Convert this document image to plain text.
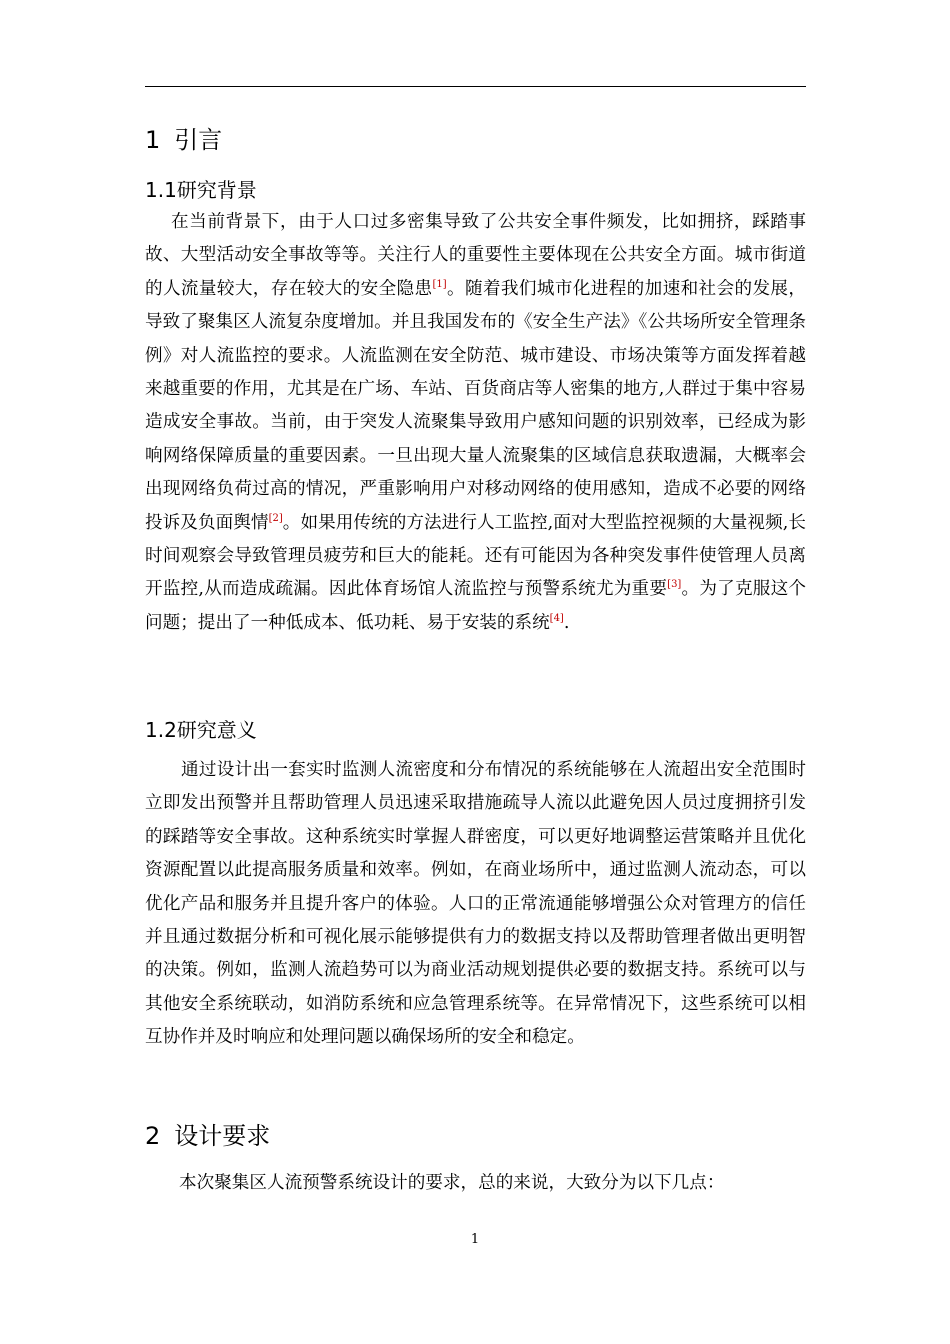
1 引言
1.1研究背景

在当前背景下，由于人口过多密集导致了公共安全事件频发，比如拥挤，踩踏事故、大型活动安全事故等等。关注行人的重要性主要体现在公共安全方面。城市街道的人流量较大，存在较大的安全隐患[1]。随着我们城市化进程的加速和社会的发展，导致了聚集区人流复杂度增加。并且我国发布的《安全生产法》《公共场所安全管理条例》对人流监控的要求。人流监测在安全防范、城市建设、市场决策等方面发挥着越来越重要的作用，尤其是在广场、车站、百货商店等人密集的地方,人群过于集中容易造成安全事故。当前，由于突发人流聚集导致用户感知问题的识别效率，已经成为影响网络保障质量的重要因素。一旦出现大量人流聚集的区域信息获取遗漏，大概率会出现网络负荷过高的情况，严重影响用户对移动网络的使用感知，造成不必要的网络投诉及负面舆情[2]。如果用传统的方法进行人工监控,面对大型监控视频的大量视频,长时间观察会导致管理员疲劳和巨大的能耗。还有可能因为各种突发事件使管理人员离开监控,从而造成疏漏。因此体育场馆人流监控与预警系统尤为重要[3]。为了克服这个问题；提出了一种低成本、低功耗、易于安装的系统[4].

1.2研究意义

通过设计出一套实时监测人流密度和分布情况的系统能够在人流超出安全范围时立即发出预警并且帮助管理人员迅速采取措施疏导人流以此避免因人员过度拥挤引发的踩踏等安全事故。这种系统实时掌握人群密度，可以更好地调整运营策略并且优化资源配置以此提高服务质量和效率。例如，在商业场所中，通过监测人流动态，可以优化产品和服务并且提升客户的体验。人口的正常流通能够增强公众对管理方的信任并且通过数据分析和可视化展示能够提供有力的数据支持以及帮助管理者做出更明智的决策。例如，监测人流趋势可以为商业活动规划提供必要的数据支持。系统可以与其他安全系统联动，如消防系统和应急管理系统等。在异常情况下，这些系统可以相互协作并及时响应和处理问题以确保场所的安全和稳定。

2 设计要求

本次聚集区人流预警系统设计的要求，总的来说，大致分为以下几点：

1
